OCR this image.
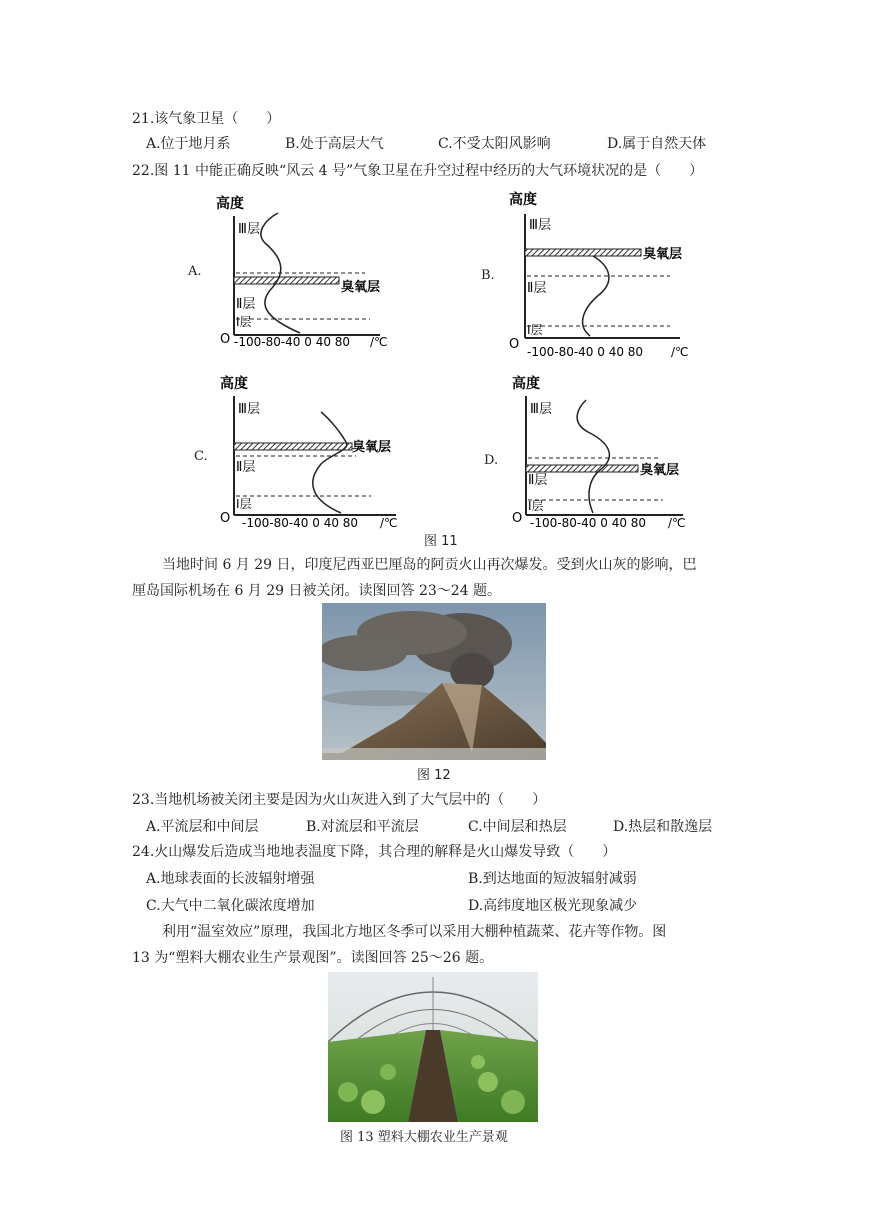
21.该气象卫星（　　）
A.位于地月系	B.处于高层大气	C.不受太阳风影响	D.属于自然天体
22.图 11 中能正确反映“风云 4 号”气象卫星在升空过程中经历的大气环境状况的是（　　）
A.
高度
Ⅲ层
臭氧层
Ⅱ层
Ⅰ层
O -100-80-40 0 40 80 /℃
B.
高度
Ⅲ层
臭氧层
Ⅱ层
Ⅰ层
O -100-80-40 0 40 80 /℃
C.
高度
Ⅲ层
臭氧层
Ⅱ层
Ⅰ层
O -100-80-40 0 40 80 /℃
D.
高度
Ⅲ层
臭氧层
Ⅱ层
Ⅰ层
O -100-80-40 0 40 80 /℃
图 11
当地时间 6 月 29 日，印度尼西亚巴厘岛的阿贡火山再次爆发。受到火山灰的影响，巴
厘岛国际机场在 6 月 29 日被关闭。读图回答 23～24 题。
图 12
23.当地机场被关闭主要是因为火山灰进入到了大气层中的（　　）
A.平流层和中间层	B.对流层和平流层	C.中间层和热层	D.热层和散逸层
24.火山爆发后造成当地地表温度下降，其合理的解释是火山爆发导致（　　）
A.地球表面的长波辐射增强	B.到达地面的短波辐射减弱
C.大气中二氧化碳浓度增加	D.高纬度地区极光现象减少
利用“温室效应”原理，我国北方地区冬季可以采用大棚种植蔬菜、花卉等作物。图
13 为“塑料大棚农业生产景观图”。读图回答 25～26 题。
图 13 塑料大棚农业生产景观
